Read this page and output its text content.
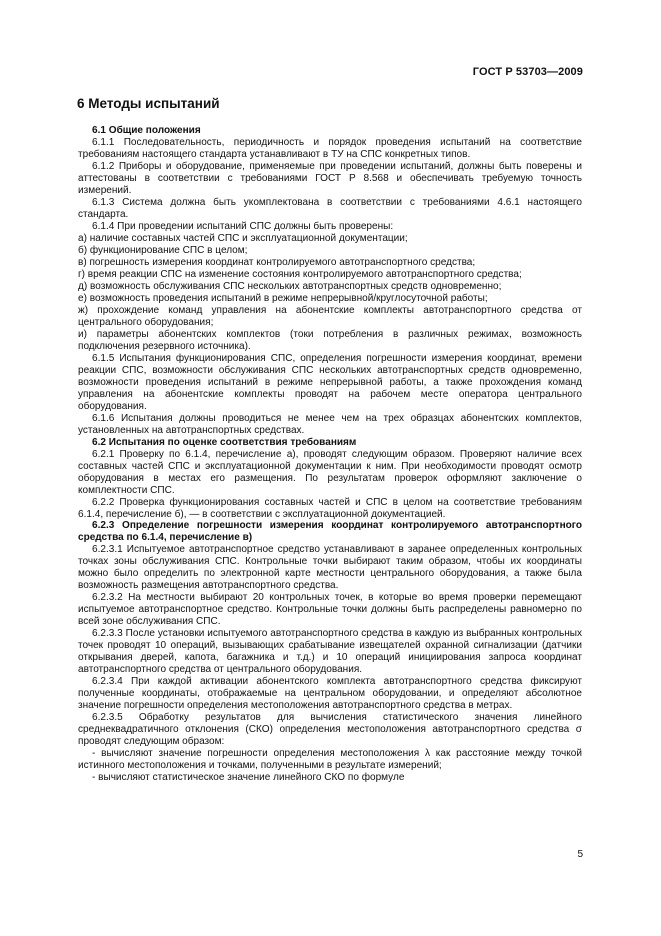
ГОСТ Р 53703—2009
6 Методы испытаний

6.1 Общие положения

6.1.1 Последовательность, периодичность и порядок проведения испытаний на соответствие требованиям настоящего стандарта устанавливают в ТУ на СПС конкретных типов.

6.1.2 Приборы и оборудование, применяемые при проведении испытаний, должны быть поверены и аттестованы в соответствии с требованиями ГОСТ Р 8.568 и обеспечивать требуемую точность измерений.

6.1.3 Система должна быть укомплектована в соответствии с требованиями 4.6.1 настоящего стандарта.

6.1.4 При проведении испытаний СПС должны быть проверены:

а) наличие составных частей СПС и эксплуатационной документации;

б) функционирование СПС в целом;

в) погрешность измерения координат контролируемого автотранспортного средства;

г) время реакции СПС на изменение состояния контролируемого автотранспортного средства;

д) возможность обслуживания СПС нескольких автотранспортных средств одновременно;

е) возможность проведения испытаний в режиме непрерывной/круглосуточной работы;

ж) прохождение команд управления на абонентские комплекты автотранспортного средства от центрального оборудования;

и) параметры абонентских комплектов (токи потребления в различных режимах, возможность подключения резервного источника).

6.1.5 Испытания функционирования СПС, определения погрешности измерения координат, времени реакции СПС, возможности обслуживания СПС нескольких автотранспортных средств одновременно, возможности проведения испытаний в режиме непрерывной работы, а также прохождения команд управления на абонентские комплекты проводят на рабочем месте оператора центрального оборудования.

6.1.6 Испытания должны проводиться не менее чем на трех образцах абонентских комплектов, установленных на автотранспортных средствах.

6.2 Испытания по оценке соответствия требованиям

6.2.1 Проверку по 6.1.4, перечисление а), проводят следующим образом. Проверяют наличие всех составных частей СПС и эксплуатационной документации к ним. При необходимости проводят осмотр оборудования в местах его размещения. По результатам проверок оформляют заключение о комплектности СПС.

6.2.2 Проверка функционирования составных частей и СПС в целом на соответствие требованиям 6.1.4, перечисление б), — в соответствии с эксплуатационной документацией.

6.2.3 Определение погрешности измерения координат контролируемого автотранспортного средства по 6.1.4, перечисление в)

6.2.3.1 Испытуемое автотранспортное средство устанавливают в заранее определенных контрольных точках зоны обслуживания СПС. Контрольные точки выбирают таким образом, чтобы их координаты можно было определить по электронной карте местности центрального оборудования, а также была возможность размещения автотранспортного средства.

6.2.3.2 На местности выбирают 20 контрольных точек, в которые во время проверки перемещают испытуемое автотранспортное средство. Контрольные точки должны быть распределены равномерно по всей зоне обслуживания СПС.

6.2.3.3 После установки испытуемого автотранспортного средства в каждую из выбранных контрольных точек проводят 10 операций, вызывающих срабатывание извещателей охранной сигнализации (датчики открывания дверей, капота, багажника и т.д.) и 10 операций инициирования запроса координат автотранспортного средства от центрального оборудования.

6.2.3.4 При каждой активации абонентского комплекта автотранспортного средства фиксируют полученные координаты, отображаемые на центральном оборудовании, и определяют абсолютное значение погрешности определения местоположения автотранспортного средства в метрах.

6.2.3.5 Обработку результатов для вычисления статистического значения линейного среднеквадратичного отклонения (СКО) определения местоположения автотранспортного средства σ проводят следующим образом:

- вычисляют значение погрешности определения местоположения λ как расстояние между точкой истинного местоположения и точками, полученными в результате измерений;

- вычисляют статистическое значение линейного СКО по формуле

5
